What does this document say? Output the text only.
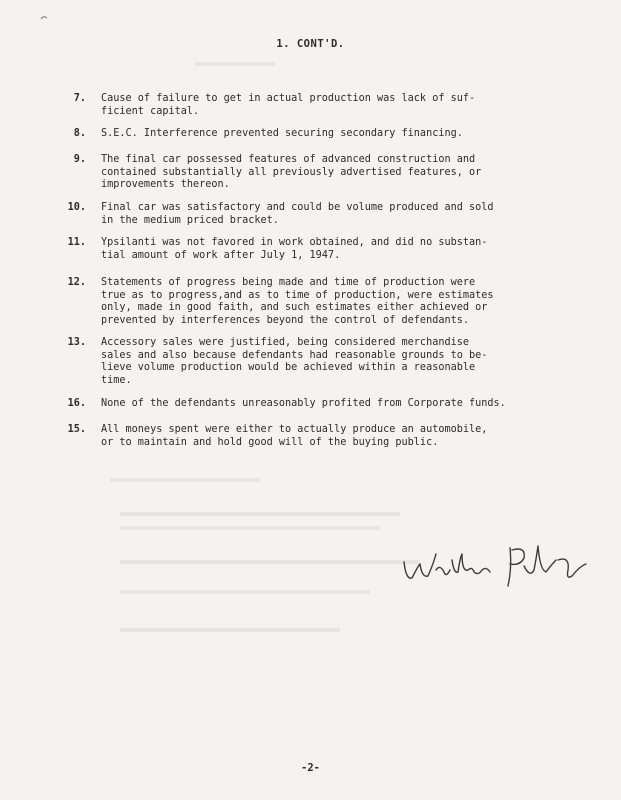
1. CONT'D.
7. Cause of failure to get in actual production was lack of suf-
ficient capital.
8. S.E.C. Interference prevented securing secondary financing.
9. The final car possessed features of advanced construction and
contained substantially all previously advertised features, or
improvements thereon.
10. Final car was satisfactory and could be volume produced and sold
in the medium priced bracket.
11. Ypsilanti was not favored in work obtained, and did no substan-
tial amount of work after July 1, 1947.
12. Statements of progress being made and time of production were
true as to progress,and as to time of production, were estimates
only, made in good faith, and such estimates either achieved or
prevented by interferences beyond the control of defendants.
13. Accessory sales were justified, being considered merchandise
sales and also because defendants had reasonable grounds to be-
lieve volume production would be achieved within a reasonable
time.
16. None of the defendants unreasonably profited from Corporate funds.
15. All moneys spent were either to actually produce an automobile,
or to maintain and hold good will of the buying public.
-2-
